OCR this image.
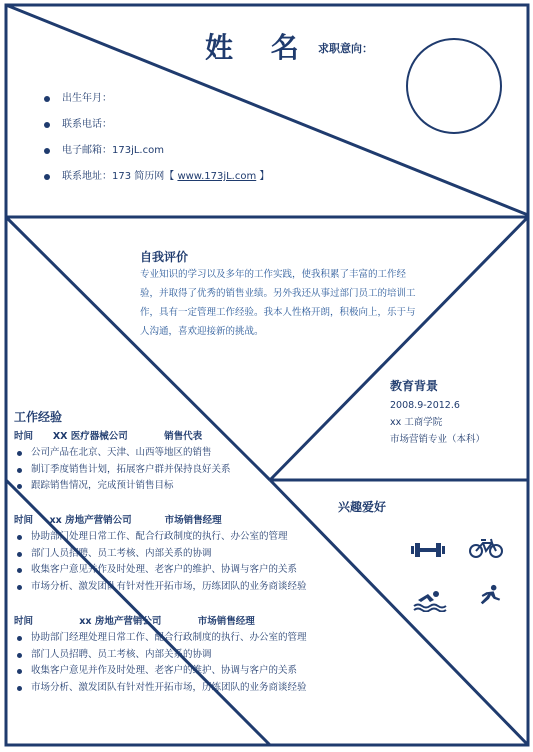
姓 名 求职意向：
出生年月：
联系电话：
电子邮箱：173jL.com
联系地址：173 简历网【 www.173jL.com 】
自我评价
专业知识的学习以及多年的工作实践，使我积累了丰富的工作经验，并取得了优秀的销售业绩。另外我还从事过部门员工的培训工作，具有一定管理工作经验。我本人性格开朗，积极向上，乐于与人沟通，喜欢迎接新的挑战。
教育背景
2008.9-2012.6
xx 工商学院
市场营销专业（本科）
工作经验
时间      XX 医疗器械公司           销售代表
公司产品在北京、天津、山西等地区的销售
制订季度销售计划，拓展客户群并保持良好关系
跟踪销售情况，完成预计销售目标
时间     xx 房地产营销公司          市场销售经理
协助部门处理日常工作、配合行政制度的执行、办公室的管理
部门人员招聘、员工考核、内部关系的协调
收集客户意见并作及时处理、老客户的维护、协调与客户的关系
市场分析、激发团队有针对性开拓市场，历练团队的业务商谈经验
时间              xx 房地产营销公司           市场销售经理
协助部门经理处理日常工作、配合行政制度的执行、办公室的管理
部门人员招聘、员工考核、内部关系的协调
收集客户意见并作及时处理、老客户的维护、协调与客户的关系
市场分析、激发团队有针对性开拓市场，历练团队的业务商谈经验
兴趣爱好
